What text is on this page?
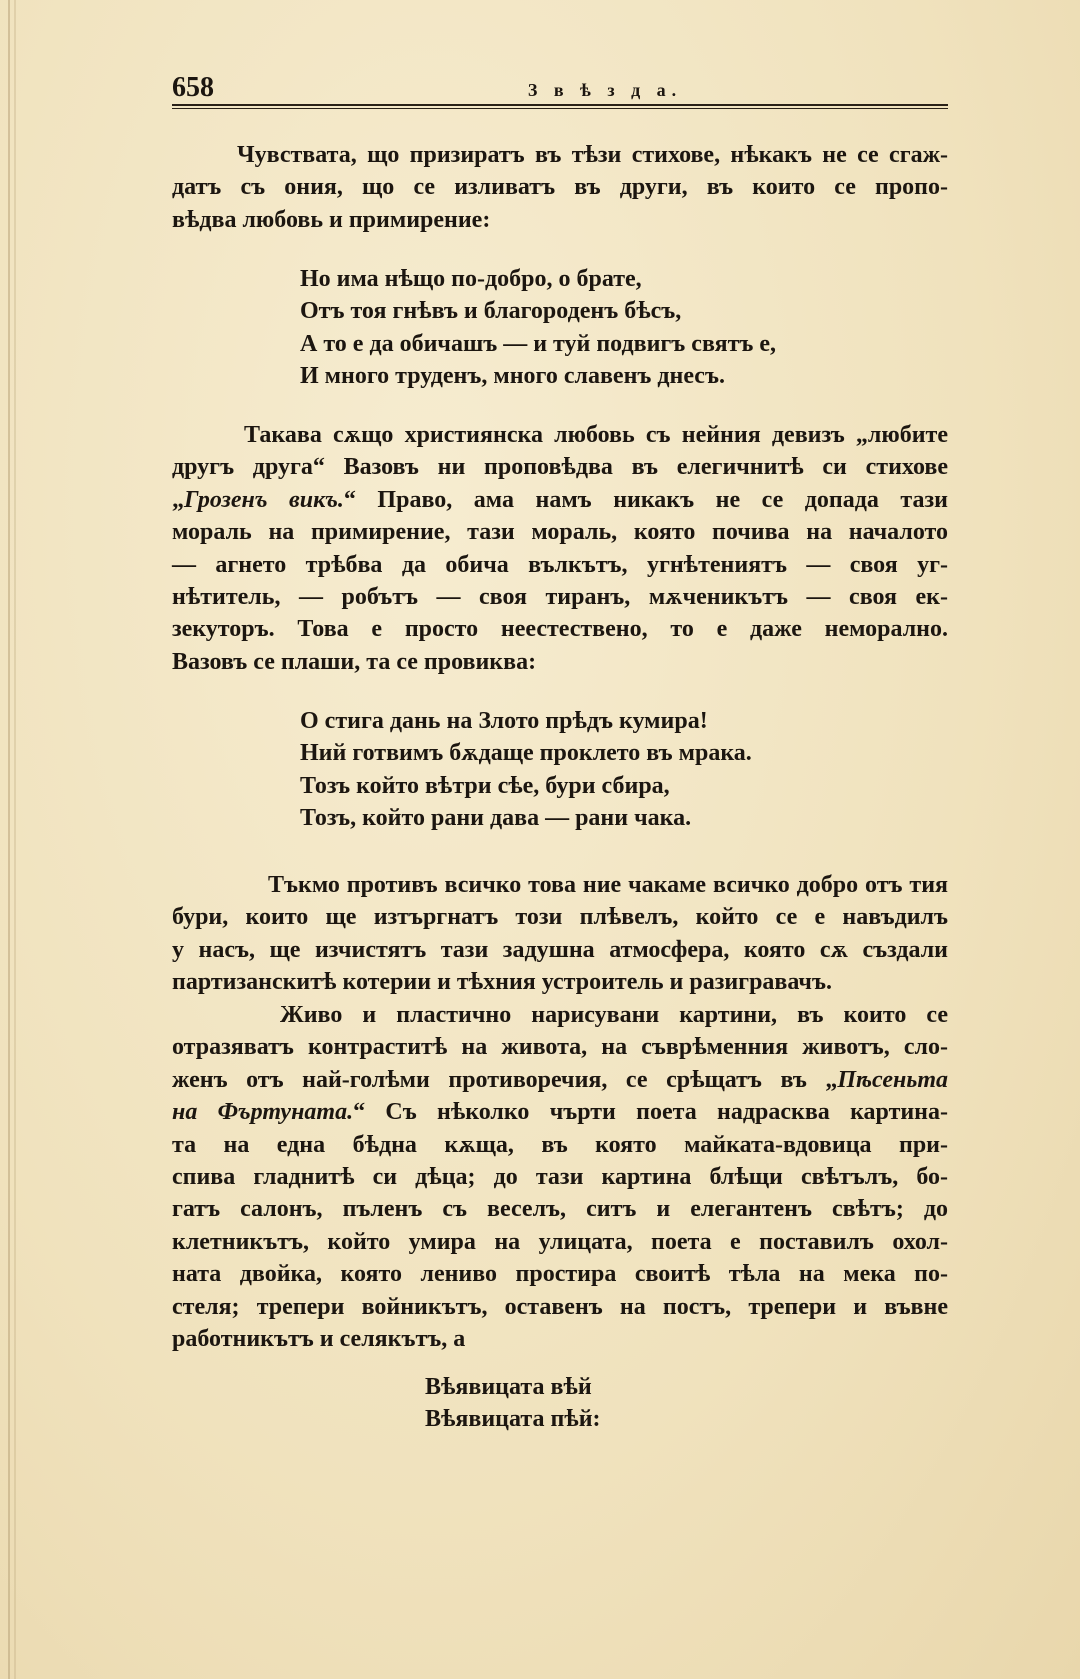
658	З в ѣ з д а.
Чувствата, що призиратъ въ тѣзи стихове, нѣкакъ не се сгаж-
датъ съ ония, що се изливатъ въ други, въ които се пропо-
вѣдва любовь и примирение:
Но има нѣщо по-добро, о брате,
Отъ тоя гнѣвъ и благороденъ бѣсъ,
А то е да обичашъ — и туй подвигъ святъ е,
И много труденъ, много славенъ днесъ.
Такава сѫщо християнска любовь съ нейния девизъ „любите
другъ друга“ Вазовъ ни проповѣдва въ елегичнитѣ си стихове
„Грозенъ викъ.“ Право, ама намъ никакъ не се допада тази
мораль на примирение, тази мораль, която почива на началото
— агнето трѣбва да обича вълкътъ, угнѣтениятъ — своя уг-
нѣтитель, — робътъ — своя тиранъ, мѫченикътъ — своя ек-
зекуторъ. Това е просто неестествено, то е даже неморално.
Вазовъ се плаши, та се провиква:
О стига дань на Злото прѣдъ кумира!
Ний готвимъ бѫдаще проклето въ мрака.
Тозъ който вѣтри сѣе, бури сбира,
Тозъ, който рани дава — рани чака.
Тъкмо противъ всичко това ние чакаме всичко добро отъ тия
бури, които ще изтъргнатъ този плѣвелъ, който се е навъдилъ
у насъ, ще изчистятъ тази задушна атмосфера, която сѫ създали
партизанскитѣ котерии и тѣхния устроитель и разигравачъ.
Живо и пластично нарисувани картини, въ които се
отразяватъ контраститѣ на живота, на съврѣменния животъ, сло-
женъ отъ най-голѣми противоречия, се срѣщатъ въ „Пѣсеньта
на Фъртуната.“ Съ нѣколко чърти поета надрасква картина-
та на една бѣдна кѫща, въ която майката-вдовица при-
спива гладнитѣ си дѣца; до тази картина блѣщи свѣтълъ, бо-
гатъ салонъ, пъленъ съ веселъ, ситъ и елегантенъ свѣтъ; до
клетникътъ, който умира на улицата, поета е поставилъ охол-
ната двойка, която лениво простира своитѣ тѣла на мека по-
стеля; трепери войникътъ, оставенъ на постъ, трепери и въвне
работникътъ и селякътъ, а
Вѣявицата вѣй
Вѣявицата пѣй:
